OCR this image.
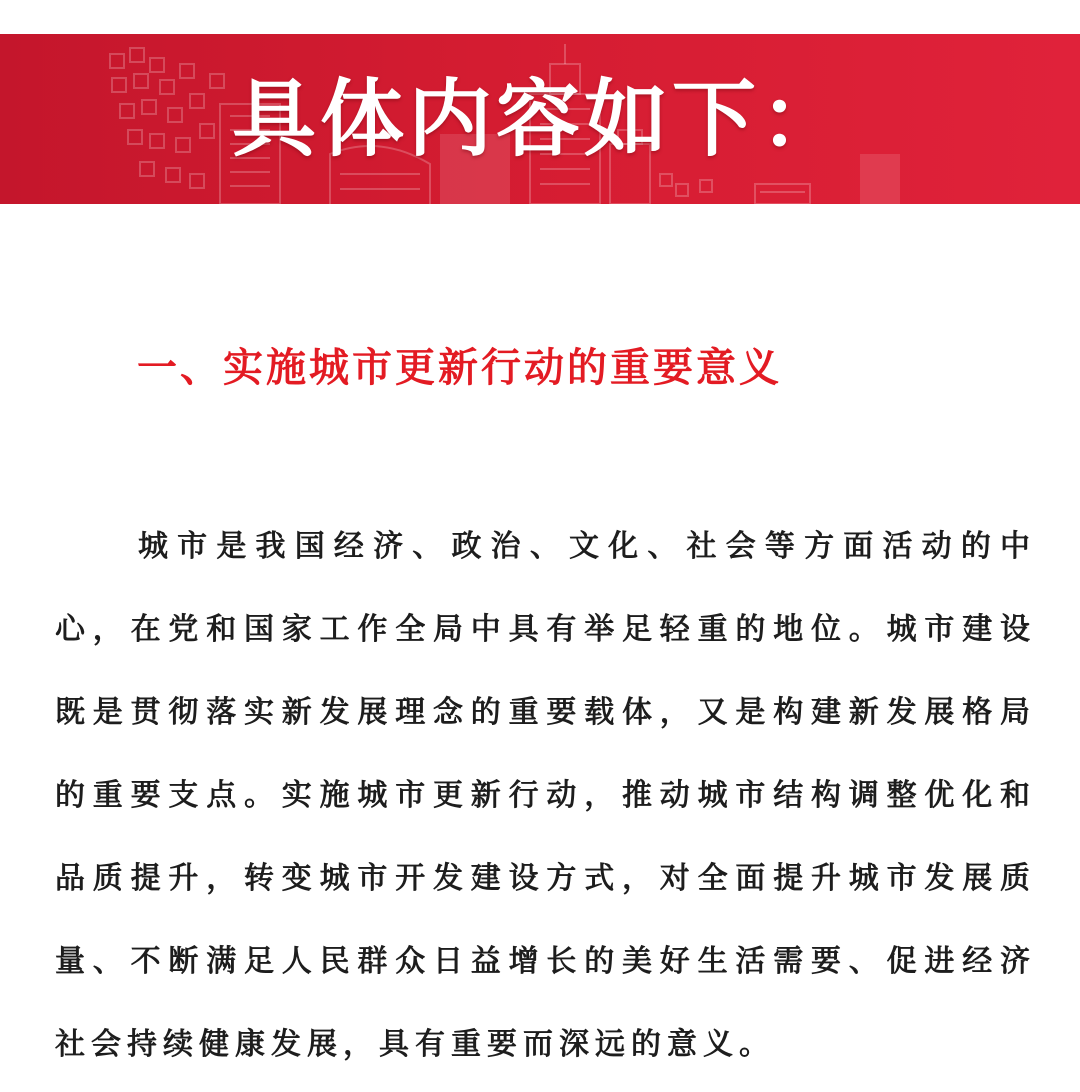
具体内容如下：
一、实施城市更新行动的重要意义
城市是我国经济、政治、文化、社会等方面活动的中
心，在党和国家工作全局中具有举足轻重的地位。城市建设
既是贯彻落实新发展理念的重要载体，又是构建新发展格局
的重要支点。实施城市更新行动，推动城市结构调整优化和
品质提升，转变城市开发建设方式，对全面提升城市发展质
量、不断满足人民群众日益增长的美好生活需要、促进经济
社会持续健康发展，具有重要而深远的意义。
